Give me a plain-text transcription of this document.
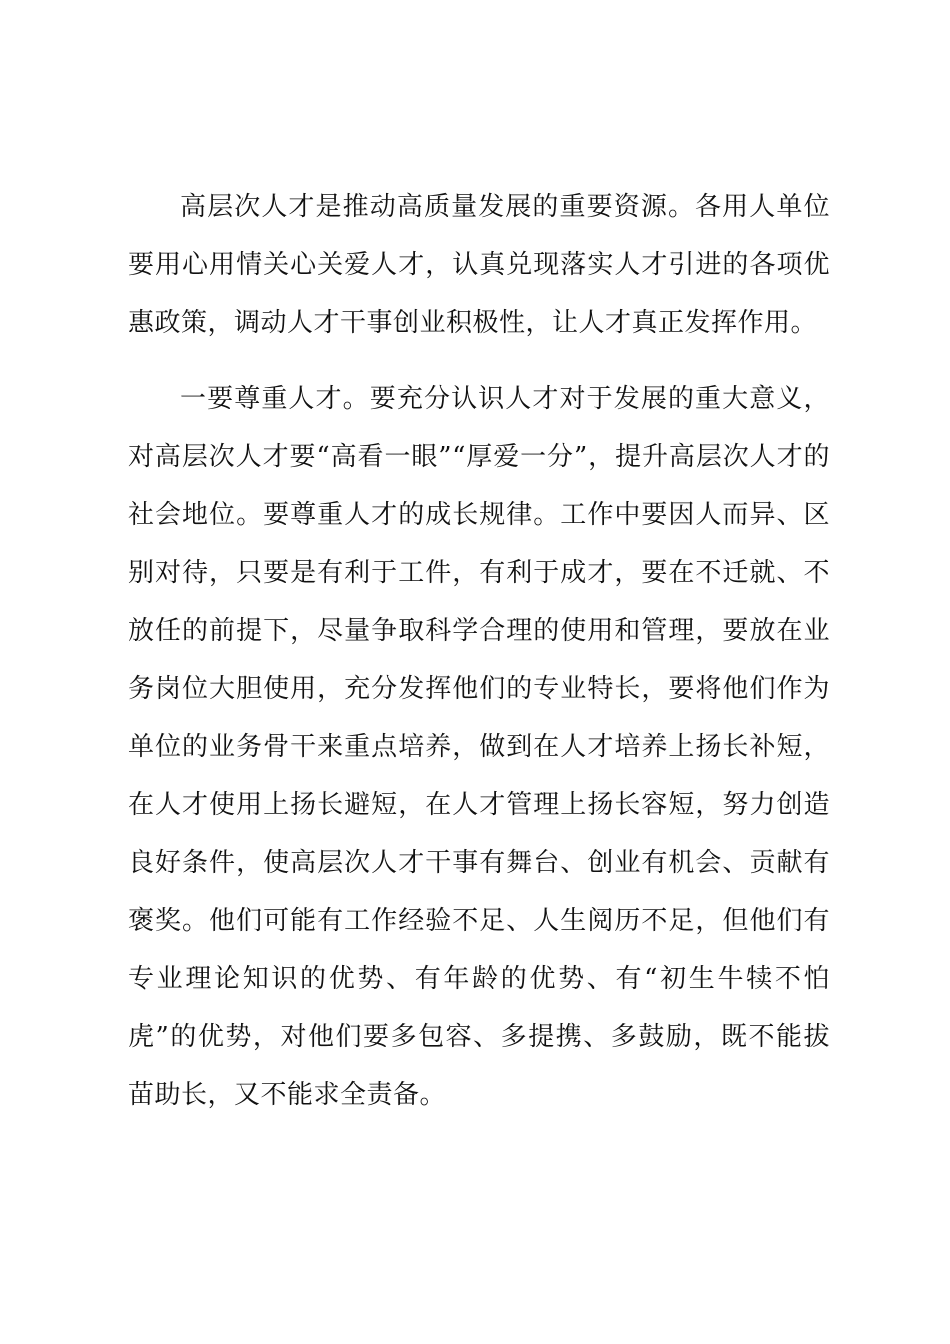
高层次人才是推动高质量发展的重要资源。各用人单位要用心用情关心关爱人才，认真兑现落实人才引进的各项优惠政策，调动人才干事创业积极性，让人才真正发挥作用。

一要尊重人才。要充分认识人才对于发展的重大意义，对高层次人才要“高看一眼”“厚爱一分”，提升高层次人才的社会地位。要尊重人才的成长规律。工作中要因人而异、区别对待，只要是有利于工件，有利于成才，要在不迁就、不放任的前提下，尽量争取科学合理的使用和管理，要放在业务岗位大胆使用，充分发挥他们的专业特长，要将他们作为单位的业务骨干来重点培养，做到在人才培养上扬长补短，在人才使用上扬长避短，在人才管理上扬长容短，努力创造良好条件，使高层次人才干事有舞台、创业有机会、贡献有褒奖。他们可能有工作经验不足、人生阅历不足，但他们有专业理论知识的优势、有年龄的优势、有“初生牛犊不怕虎”的优势，对他们要多包容、多提携、多鼓励，既不能拔苗助长，又不能求全责备。
